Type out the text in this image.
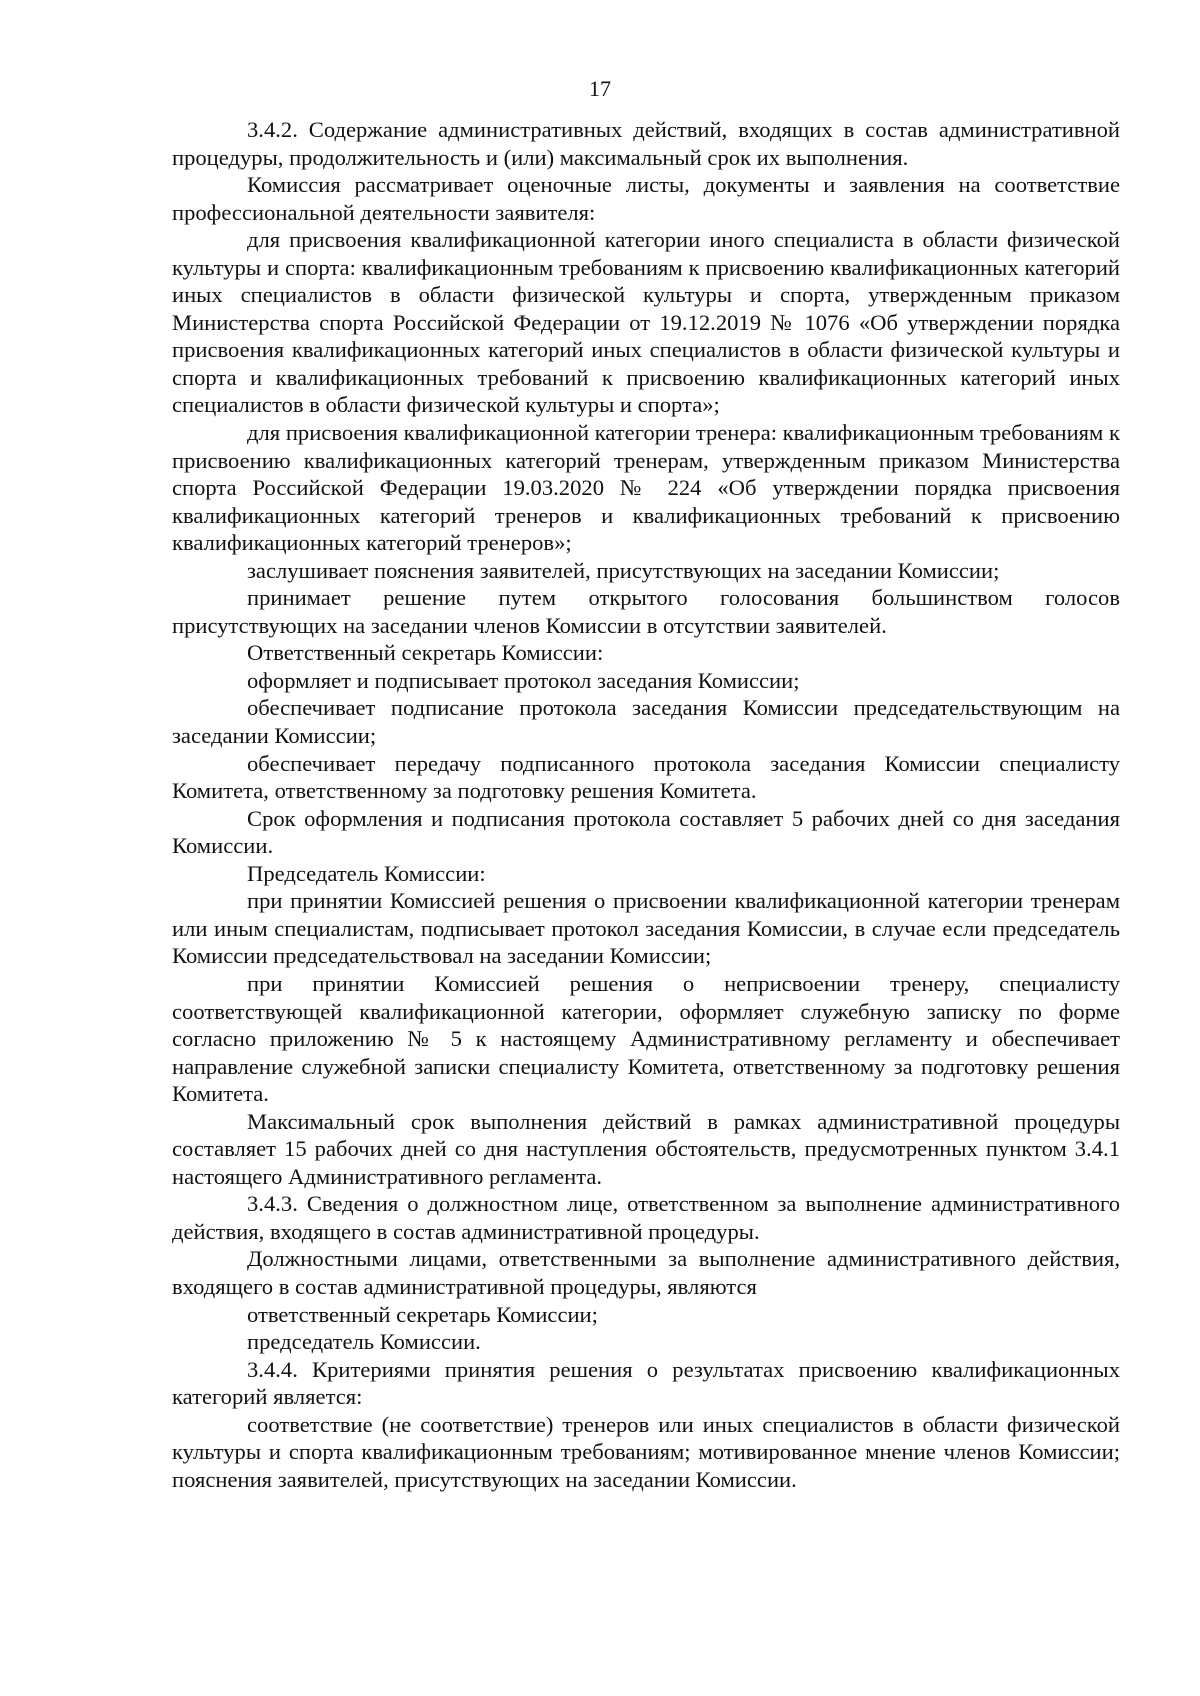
17

3.4.2. Содержание административных действий, входящих в состав административной процедуры, продолжительность и (или) максимальный срок их выполнения.

Комиссия рассматривает оценочные листы, документы и заявления на соответствие профессиональной деятельности заявителя:

для присвоения квалификационной категории иного специалиста в области физической культуры и спорта: квалификационным требованиям к присвоению квалификационных категорий иных специалистов в области физической культуры и спорта, утвержденным приказом Министерства спорта Российской Федерации от 19.12.2019 № 1076 «Об утверждении порядка присвоения квалификационных категорий иных специалистов в области физической культуры и спорта и квалификационных требований к присвоению квалификационных категорий иных специалистов в области физической культуры и спорта»;

для присвоения квалификационной категории тренера: квалификационным требованиям к присвоению квалификационных категорий тренерам, утвержденным приказом Министерства спорта Российской Федерации 19.03.2020 № 224 «Об утверждении порядка присвоения квалификационных категорий тренеров и квалификационных требований к присвоению квалификационных категорий тренеров»;

заслушивает пояснения заявителей, присутствующих на заседании Комиссии;

принимает решение путем открытого голосования большинством голосов присутствующих на заседании членов Комиссии в отсутствии заявителей.

Ответственный секретарь Комиссии:

оформляет и подписывает протокол заседания Комиссии;

обеспечивает подписание протокола заседания Комиссии председательствующим на заседании Комиссии;

обеспечивает передачу подписанного протокола заседания Комиссии специалисту Комитета, ответственному за подготовку решения Комитета.

Срок оформления и подписания протокола составляет 5 рабочих дней со дня заседания Комиссии.

Председатель Комиссии:

при принятии Комиссией решения о присвоении квалификационной категории тренерам или иным специалистам, подписывает протокол заседания Комиссии, в случае если председатель Комиссии председательствовал на заседании Комиссии;

при принятии Комиссией решения о неприсвоении тренеру, специалисту соответствующей квалификационной категории, оформляет служебную записку по форме согласно приложению № 5 к настоящему Административному регламенту и обеспечивает направление служебной записки специалисту Комитета, ответственному за подготовку решения Комитета.

Максимальный срок выполнения действий в рамках административной процедуры составляет 15 рабочих дней со дня наступления обстоятельств, предусмотренных пунктом 3.4.1 настоящего Административного регламента.

3.4.3. Сведения о должностном лице, ответственном за выполнение административного действия, входящего в состав административной процедуры.

Должностными лицами, ответственными за выполнение административного действия, входящего в состав административной процедуры, являются

ответственный секретарь Комиссии;

председатель Комиссии.

3.4.4. Критериями принятия решения о результатах присвоению квалификационных категорий является:

соответствие (не соответствие) тренеров или иных специалистов в области физической культуры и спорта квалификационным требованиям; мотивированное мнение членов Комиссии; пояснения заявителей, присутствующих на заседании Комиссии.
